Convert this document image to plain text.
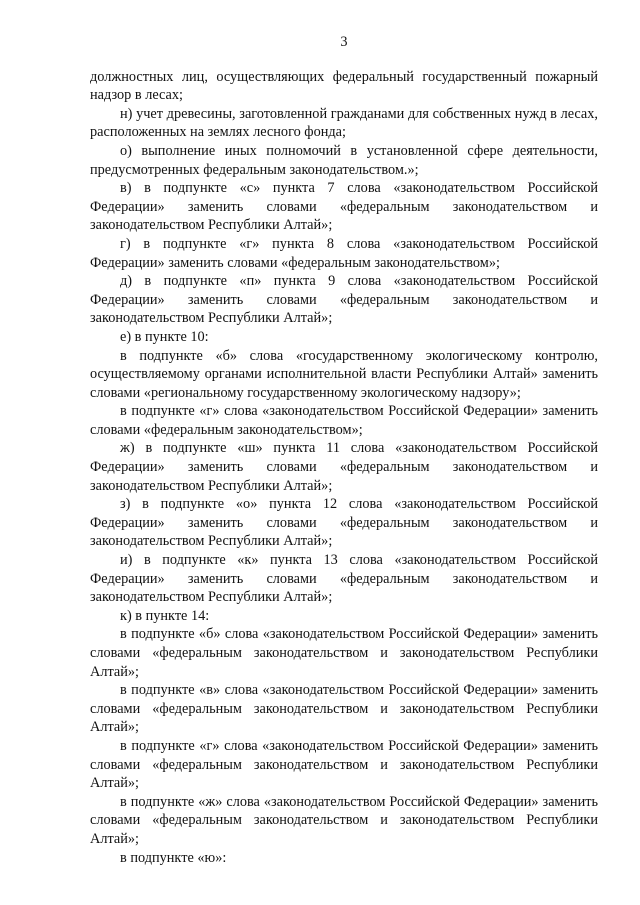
3

должностных лиц, осуществляющих федеральный государственный пожарный надзор в лесах;

н) учет древесины, заготовленной гражданами для собственных нужд в лесах, расположенных на землях лесного фонда;

о) выполнение иных полномочий в установленной сфере деятельности, предусмотренных федеральным законодательством.»;

в) в подпункте «с» пункта 7 слова «законодательством Российской Федерации» заменить словами «федеральным законодательством и законодательством Республики Алтай»;

г) в подпункте «г» пункта 8 слова «законодательством Российской Федерации» заменить словами «федеральным законодательством»;

д) в подпункте «п» пункта 9 слова «законодательством Российской Федерации» заменить словами «федеральным законодательством и законодательством Республики Алтай»;

е) в пункте 10:

в подпункте «б» слова «государственному экологическому контролю, осуществляемому органами исполнительной власти Республики Алтай» заменить словами «региональному государственному экологическому надзору»;

в подпункте «г» слова «законодательством Российской Федерации» заменить словами «федеральным законодательством»;

ж) в подпункте «ш» пункта 11 слова «законодательством Российской Федерации» заменить словами «федеральным законодательством и законодательством Республики Алтай»;

з) в подпункте «о» пункта 12 слова «законодательством Российской Федерации» заменить словами «федеральным законодательством и законодательством Республики Алтай»;

и) в подпункте «к» пункта 13 слова «законодательством Российской Федерации» заменить словами «федеральным законодательством и законодательством Республики Алтай»;

к) в пункте 14:

в подпункте «б» слова «законодательством Российской Федерации» заменить словами «федеральным законодательством и законодательством Республики Алтай»;

в подпункте «в» слова «законодательством Российской Федерации» заменить словами «федеральным законодательством и законодательством Республики Алтай»;

в подпункте «г» слова «законодательством Российской Федерации» заменить словами «федеральным законодательством и законодательством Республики Алтай»;

в подпункте «ж» слова «законодательством Российской Федерации» заменить словами «федеральным законодательством и законодательством Республики Алтай»;

в подпункте «ю»:
